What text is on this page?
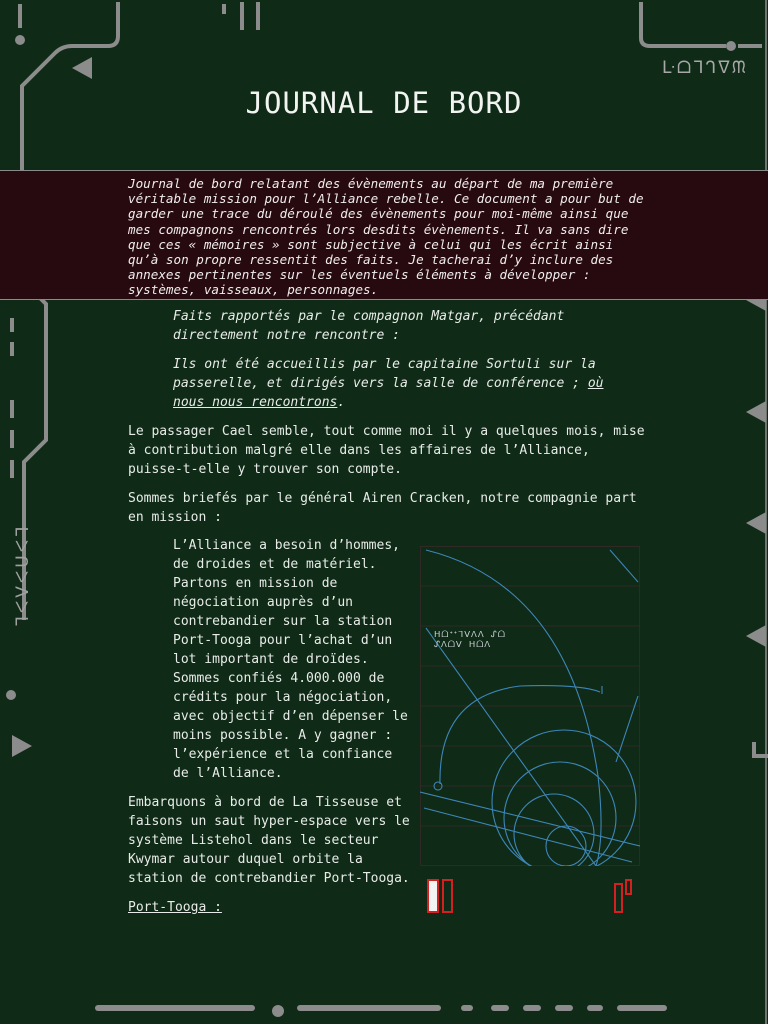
ᒷᗝᒣᒉᐁᙏ
ᒣᐸᐯᐸᑌᐸᒣ
JOURNAL DE BORD

Journal de bord relatant des évènements au départ de ma première véritable mission pour l’Alliance rebelle. Ce document a pour but de garder une trace du déroulé des évènements pour moi-même ainsi que mes compagnons rencontrés lors desdits évènements. Il va sans dire que ces « mémoires » sont subjective à celui qui les écrit ainsi qu’à son propre ressentit des faits. Je tacherai d’y inclure des annexes pertinentes sur les éventuels éléments à développer : systèmes, vaisseaux, personnages.

Faits rapportés par le compagnon Matgar, précédant directement notre rencontre :

Ils ont été accueillis par le capitaine Sortuli sur la passerelle, et dirigés vers la salle de conférence ; où nous nous rencontrons.

Le passager Cael semble, tout comme moi il y a quelques mois, mise à contribution malgré elle dans les affaires de l’Alliance, puisse-t-elle y trouver son compte.

Sommes briefés par le général Airen Cracken, notre compagnie part en mission :

L’Alliance a besoin d’hommes, de droides et de matériel. Partons en mission de négociation auprès d’un contrebandier sur la station Port-Tooga pour l’achat d’un lot important de droïdes. Sommes confiés 4.000.000 de crédits pour la négociation, avec objectif d’en dépenser le moins possible. A y gagner : l’expérience et la confiance de l’Alliance.

Embarquons à bord de La Tisseuse et faisons un saut hyper-espace vers le système Listehol dans le secteur Kwymar autour duquel orbite la station de contrebandier Port-Tooga.

Port-Tooga :

ᕼᗝᐩᐩᒣᐯᐱᐱ ᔑᗝ
ᔑᐱᗝᐯ ᕼᗝᐱ
